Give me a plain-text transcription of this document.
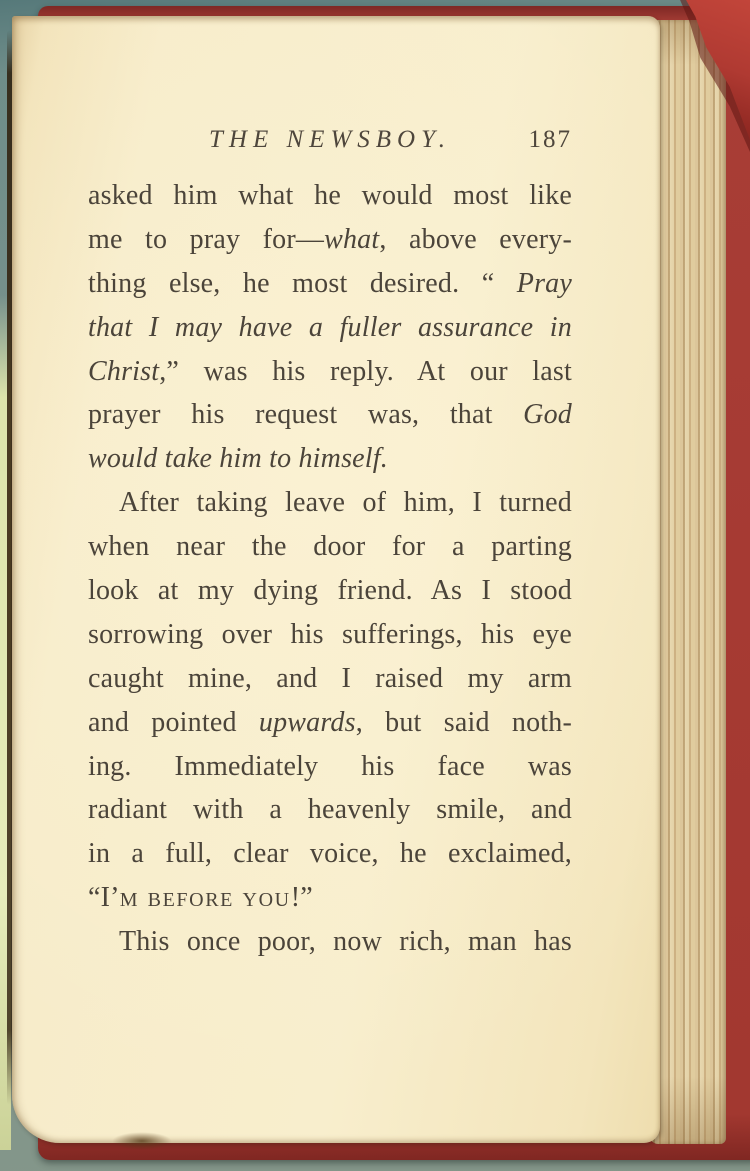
THE NEWSBOY.	187
asked him what he would most like
me to pray for—what, above every-
thing else, he most desired. “ Pray
that I may have a fuller assurance in
Christ,” was his reply. At our last
prayer his request was, that God
would take him to himself.
After taking leave of him, I turned
when near the door for a parting
look at my dying friend. As I stood
sorrowing over his sufferings, his eye
caught mine, and I raised my arm
and pointed upwards, but said noth-
ing. Immediately his face was
radiant with a heavenly smile, and
in a full, clear voice, he exclaimed,
“I’m before you!”
This once poor, now rich, man has
